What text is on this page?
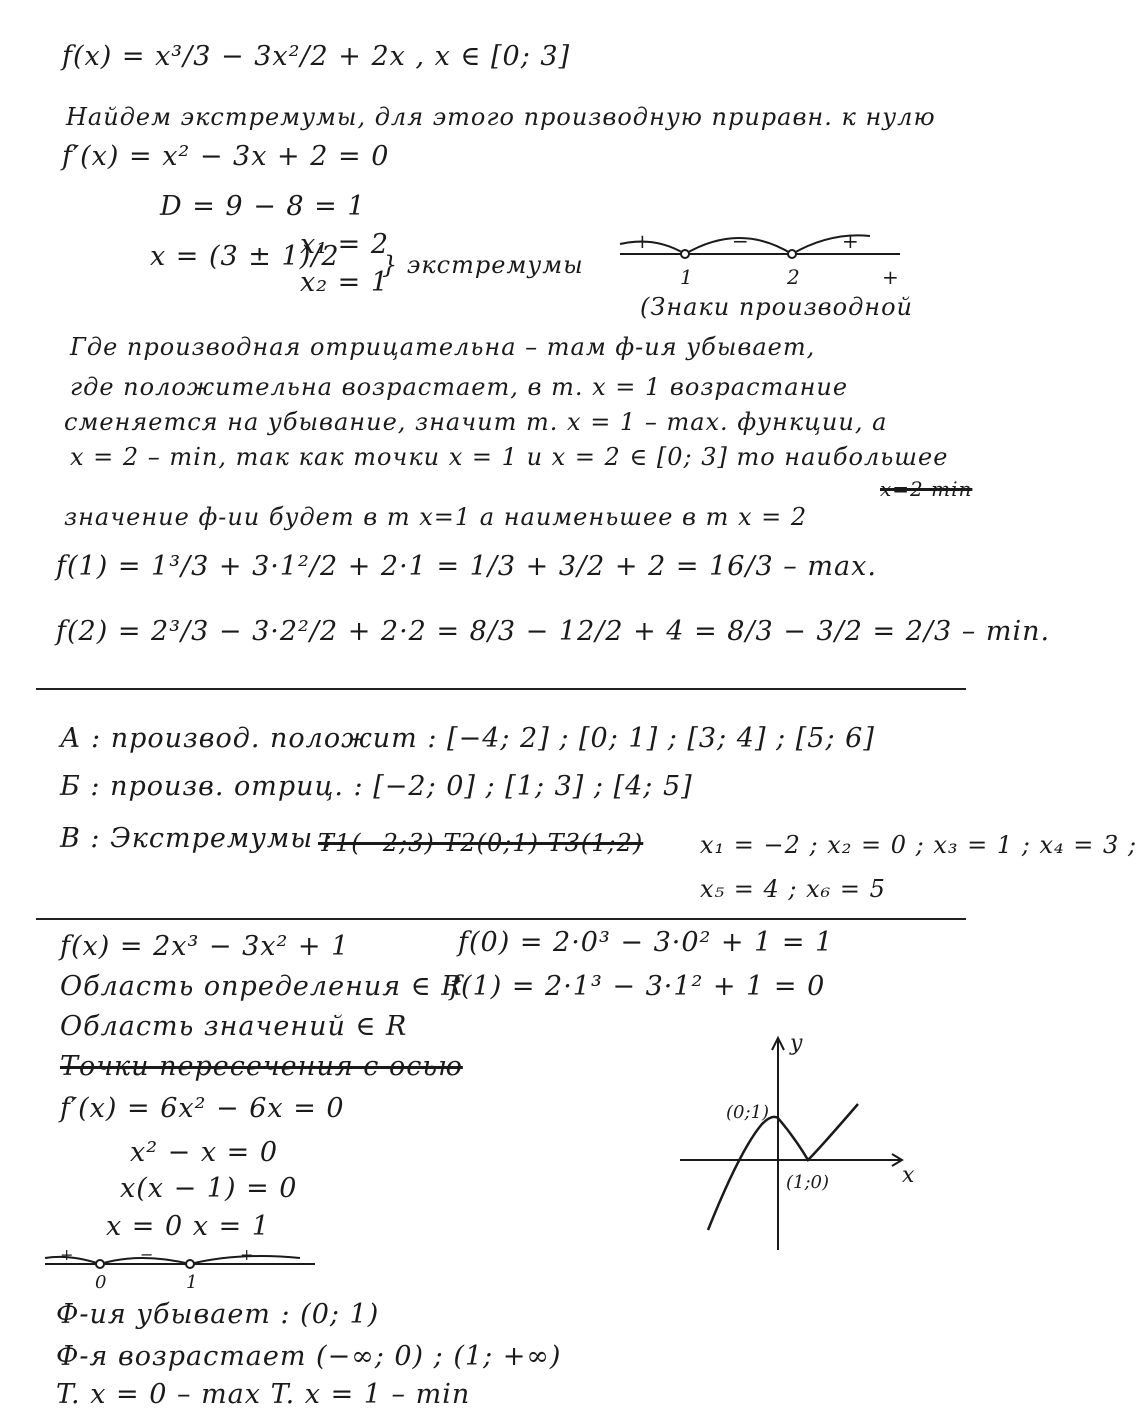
f(x) = x³/3 − 3x²/2 + 2x , x ∈ [0; 3]
Найдем экстремумы, для этого производную приравн. к нулю
f′(x) = x² − 3x + 2 = 0
D = 9 − 8 = 1
x = (3 ± 1)/2
x₁ = 2
x₂ = 1
} экстремумы
+	−	+
1	2	+
(Знаки производной
Где производная отрицательна – там ф-ия убывает,
где положительна возрастает, в т. x = 1 возрастание
сменяется на убывание, значит т. x = 1 – max. функции, а
x=2 min
x = 2 – min, так как точки x = 1 и x = 2 ∈ [0; 3] то наибольшее
значение ф-ии будет в т x=1 а наименьшее в т x = 2
f(1) = 1³/3 + 3·1²/2 + 2·1 = 1/3 + 3/2 + 2 = 16/3 – max.
f(2) = 2³/3 − 3·2²/2 + 2·2 = 8/3 − 12/2 + 4 = 8/3 − 3/2 = 2/3 – min.
А : производ. положит : [−4; 2] ; [0; 1] ; [3; 4] ; [5; 6]
Б : произв. отриц. : [−2; 0] ; [1; 3] ; [4; 5]
В : Экстремумы :
T1(−2;3) T2(0;1) T3(1;2) x₁ = −2 ; x₂ = 0 ; x₃ = 1 ; x₄ = 3 ;
x₅ = 4 ; x₆ = 5
f(x) = 2x³ − 3x² + 1	f(0) = 2·0³ − 3·0² + 1 = 1
f(1) = 2·1³ − 3·1² + 1 = 0
Область определения ∈ R
Область значений ∈ R
Точки пересечения с осью
f′(x) = 6x² − 6x = 0
x² − x = 0
x(x − 1) = 0
x = 0 x = 1
+	−	+
0	1
Ф-ия убывает : (0; 1)
Ф-я возрастает (−∞; 0) ; (1; +∞)
T. x = 0 – max T. x = 1 – min
x
y
(0;1)
(1;0)
